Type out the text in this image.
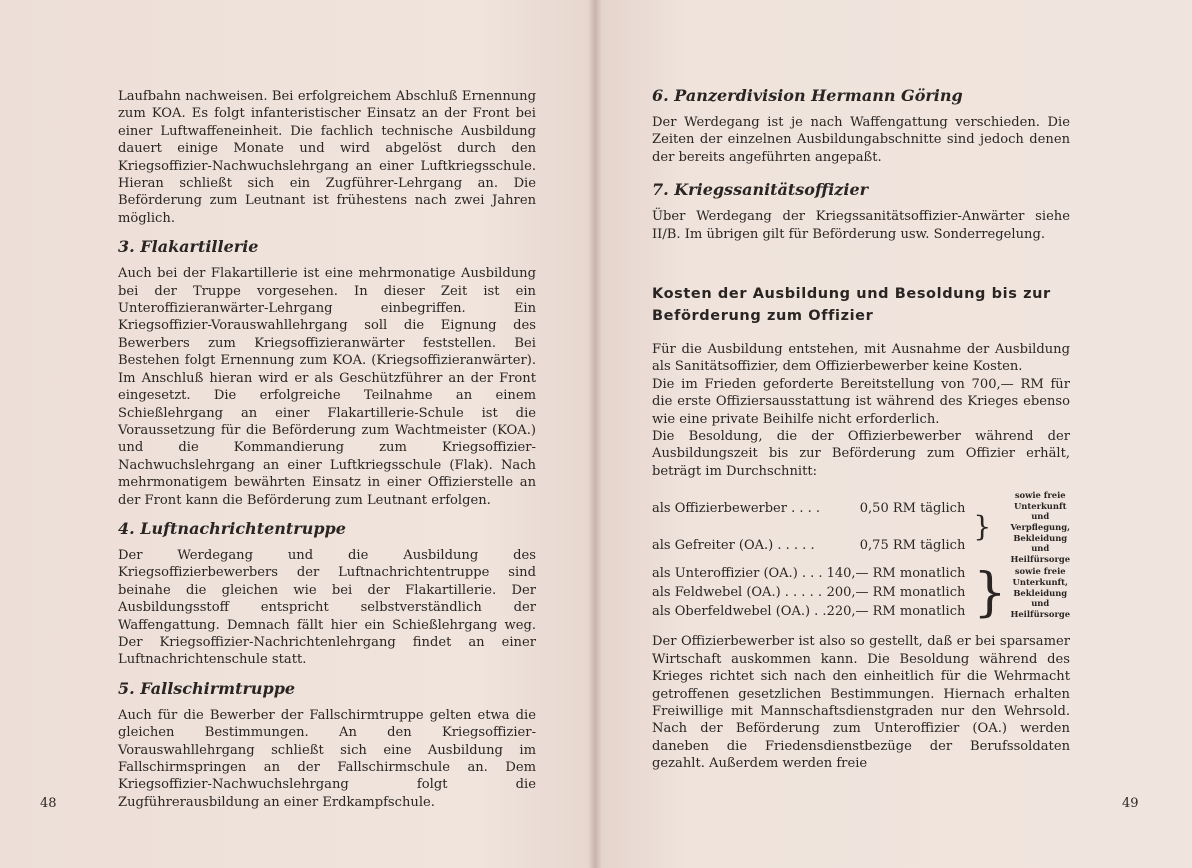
Laufbahn nachweisen. Bei erfolgreichem Abschluß Ernennung zum KOA. Es folgt infanteristischer Einsatz an der Front bei einer Luftwaffeneinheit. Die fachlich technische Ausbildung dauert einige Monate und wird abgelöst durch den Kriegsoffizier-Nachwuchslehrgang an einer Luftkriegsschule. Hieran schließt sich ein Zugführer-Lehrgang an. Die Beförderung zum Leutnant ist frühestens nach zwei Jahren möglich.

3. Flakartillerie

Auch bei der Flakartillerie ist eine mehrmonatige Ausbildung bei der Truppe vorgesehen. In dieser Zeit ist ein Unteroffizieranwärter-Lehrgang einbegriffen. Ein Kriegsoffizier-Vorauswahllehrgang soll die Eignung des Bewerbers zum Kriegsoffizieranwärter feststellen. Bei Bestehen folgt Ernennung zum KOA. (Kriegsoffizieranwärter). Im Anschluß hieran wird er als Geschützführer an der Front eingesetzt. Die erfolgreiche Teilnahme an einem Schießlehrgang an einer Flakartillerie-Schule ist die Voraussetzung für die Beförderung zum Wachtmeister (KOA.) und die Kommandierung zum Kriegsoffizier-Nachwuchslehrgang an einer Luftkriegsschule (Flak). Nach mehrmonatigem bewährten Einsatz in einer Offizierstelle an der Front kann die Beförderung zum Leutnant erfolgen.

4. Luftnachrichtentruppe

Der Werdegang und die Ausbildung des Kriegsoffizierbewerbers der Luftnachrichtentruppe sind beinahe die gleichen wie bei der Flakartillerie. Der Ausbildungsstoff entspricht selbstverständlich der Waffengattung. Demnach fällt hier ein Schießlehrgang weg. Der Kriegsoffizier-Nachrichtenlehrgang findet an einer Luftnachrichtenschule statt.

5. Fallschirmtruppe

Auch für die Bewerber der Fallschirmtruppe gelten etwa die gleichen Bestimmungen. An den Kriegsoffizier-Vorauswahllehrgang schließt sich eine Ausbildung im Fallschirmspringen an der Fallschirmschule an. Dem Kriegsoffizier-Nachwuchslehrgang folgt die Zugführerausbildung an einer Erdkampfschule.

48
6. Panzerdivision Hermann Göring

Der Werdegang ist je nach Waffengattung verschieden. Die Zeiten der einzelnen Ausbildungabschnitte sind jedoch denen der bereits angeführten angepaßt.

7. Kriegssanitätsoffizier

Über Werdegang der Kriegssanitätsoffizier-Anwärter siehe II/B. Im übrigen gilt für Beförderung usw. Sonderregelung.

Kosten der Ausbildung und Besoldung bis zur Beförderung zum Offizier

Für die Ausbildung entstehen, mit Ausnahme der Ausbildung als Sanitätsoffizier, dem Offizierbewerber keine Kosten.

Die im Frieden geforderte Bereitstellung von 700,— RM für die erste Offiziersausstattung ist während des Krieges ebenso wie eine private Beihilfe nicht erforderlich.

Die Besoldung, die der Offizierbewerber während der Ausbildungszeit bis zur Beförderung zum Offizier erhält, beträgt im Durchschnitt:

als Offizierbewerber . . . .	0,50 RM täglich	}	sowie freie Unterkunft und Verpflegung, Bekleidung und Heilfürsorge
als Gefreiter (OA.) . . . . .	0,75 RM täglich		
als Unteroffizier (OA.) . . .	140,— RM monatlich	}	sowie freie Unterkunft, Bekleidung und Heilfürsorge
als Feldwebel (OA.) . . . . .	200,— RM monatlich		
als Oberfeldwebel (OA.) . .	220,— RM monatlich		

Der Offizierbewerber ist also so gestellt, daß er bei sparsamer Wirtschaft auskommen kann. Die Besoldung während des Krieges richtet sich nach den einheitlich für die Wehrmacht getroffenen gesetzlichen Bestimmungen. Hiernach erhalten Freiwillige mit Mannschaftsdienstgraden nur den Wehrsold. Nach der Beförderung zum Unteroffizier (OA.) werden daneben die Friedensdienstbezüge der Berufssoldaten gezahlt. Außerdem werden freie

49
